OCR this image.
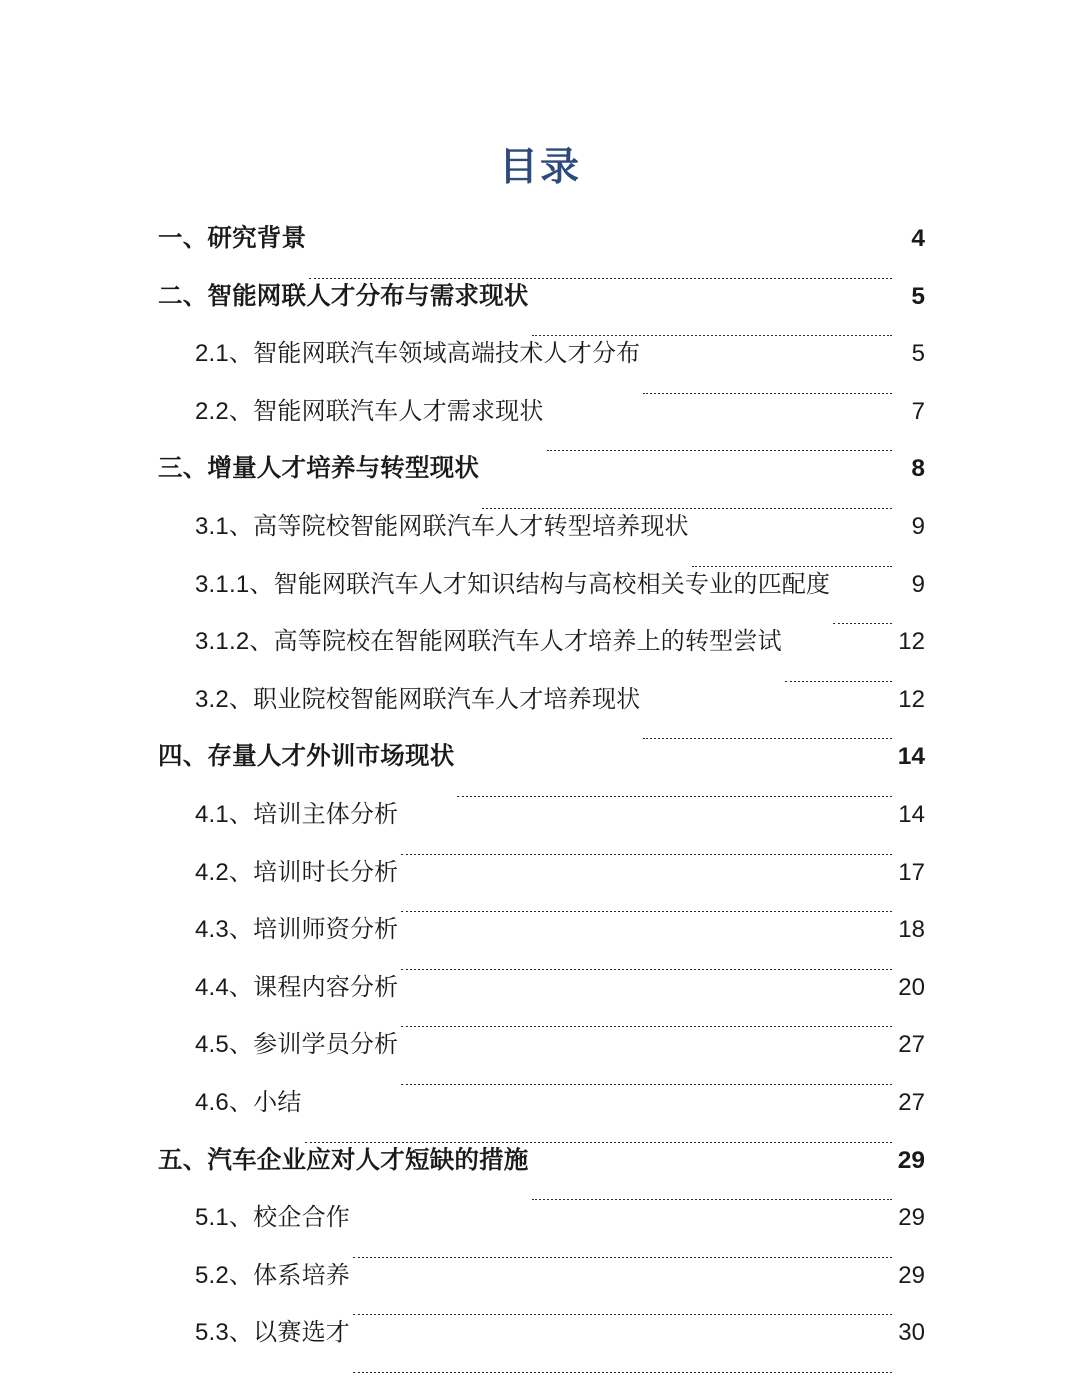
目录
一、研究背景	4
二、智能网联人才分布与需求现状	5
2.1、智能网联汽车领域高端技术人才分布	5
2.2、智能网联汽车人才需求现状	7
三、增量人才培养与转型现状	8
3.1、高等院校智能网联汽车人才转型培养现状	9
3.1.1、智能网联汽车人才知识结构与高校相关专业的匹配度	9
3.1.2、高等院校在智能网联汽车人才培养上的转型尝试	12
3.2、职业院校智能网联汽车人才培养现状	12
四、存量人才外训市场现状	14
4.1、培训主体分析	14
4.2、培训时长分析	17
4.3、培训师资分析	18
4.4、课程内容分析	20
4.5、参训学员分析	27
4.6、小结	27
五、汽车企业应对人才短缺的措施	29
5.1、校企合作	29
5.2、体系培养	29
5.3、以赛选才	30
